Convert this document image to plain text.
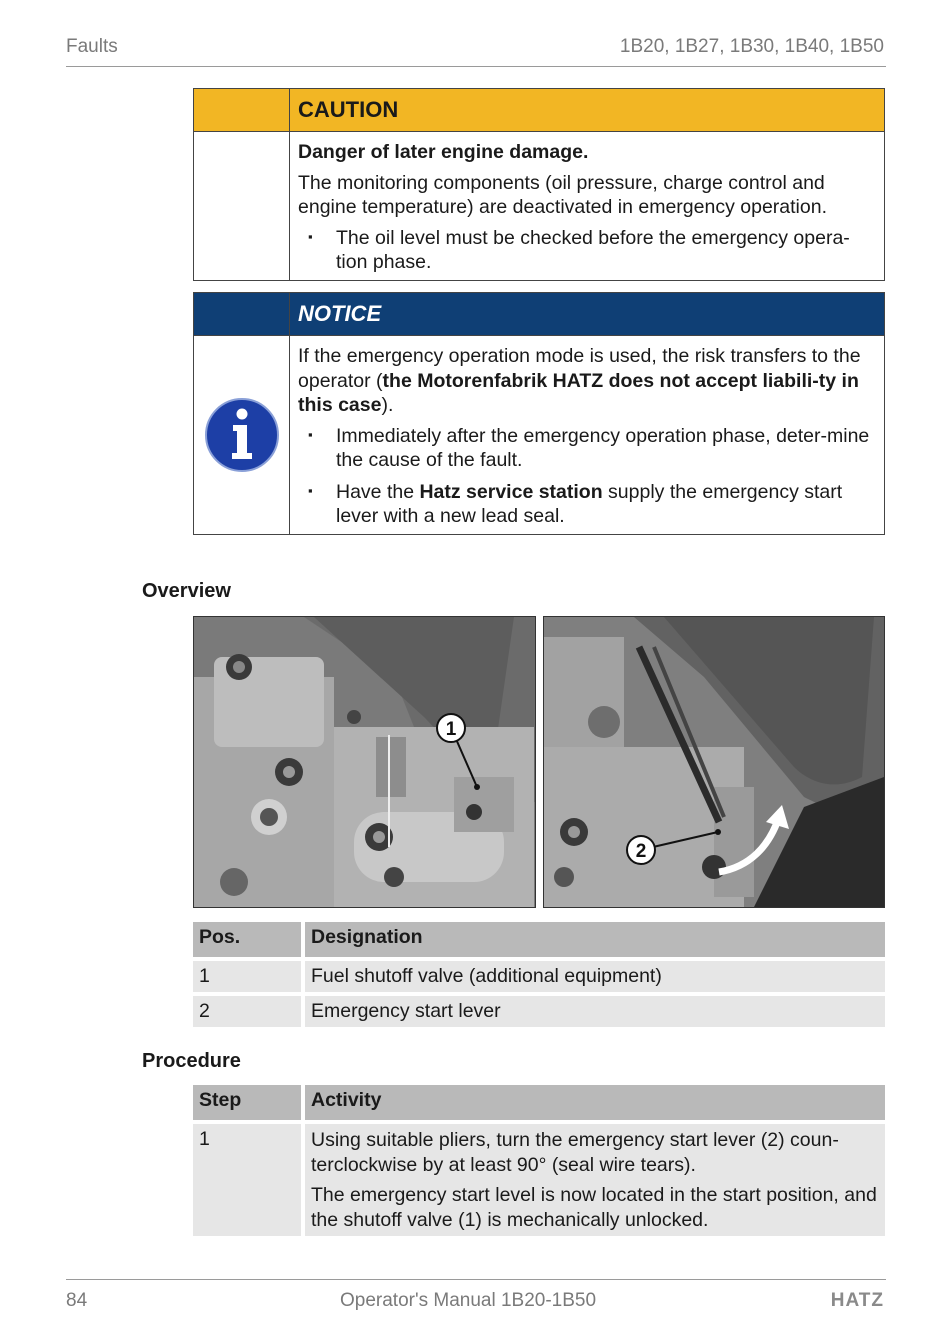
Faults	1B20, 1B27, 1B30, 1B40, 1B50
CAUTION
Danger of later engine damage.
The monitoring components (oil pressure, charge control and engine temperature) are deactivated in emergency operation.
▪ The oil level must be checked before the emergency opera-tion phase.
NOTICE
If the emergency operation mode is used, the risk transfers to the operator (the Motorenfabrik HATZ does not accept liabili-ty in this case).
▪ Immediately after the emergency operation phase, deter-mine the cause of the fault.
▪ Have the Hatz service station supply the emergency start lever with a new lead seal.
Overview
1
2
Pos.		Designation

1		Fuel shutoff valve (additional equipment)

2		Emergency start lever
Procedure
Step		Activity

1		Using suitable pliers, turn the emergency start lever (2) coun-terclockwise by at least 90° (seal wire tears).
The emergency start level is now located in the start position, and the shutoff valve (1) is mechanically unlocked.
84	Operator's Manual 1B20-1B50	HATZ
